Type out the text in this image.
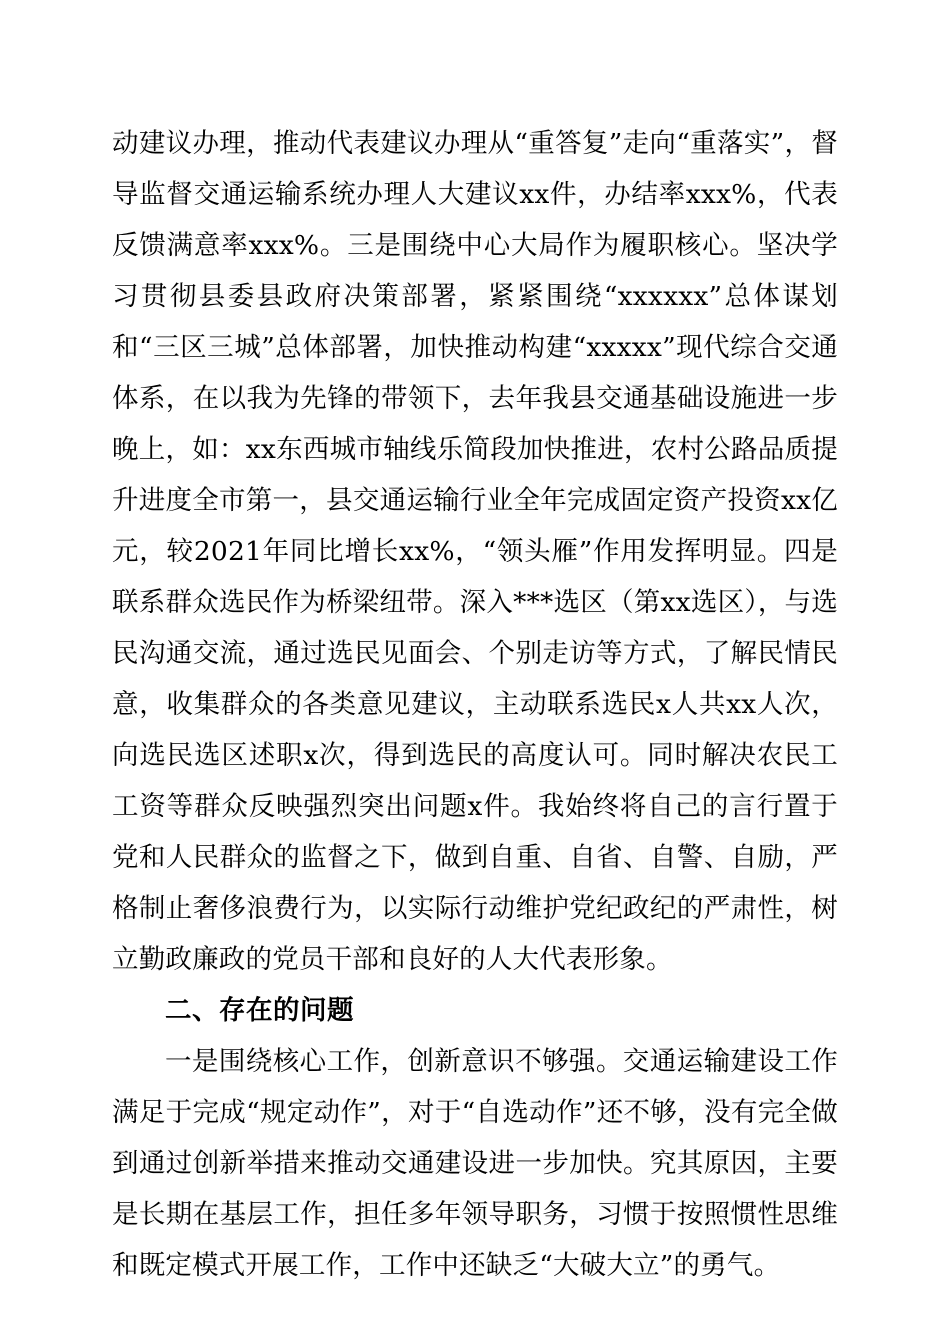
动建议办理，推动代表建议办理从“重答复”走向“重落实”，督导监督交通运输系统办理人大建议xx件，办结率xxx%，代表反馈满意率xxx%。三是围绕中心大局作为履职核心。坚决学习贯彻县委县政府决策部署，紧紧围绕“xxxxxx”总体谋划和“三区三城”总体部署，加快推动构建“xxxxx”现代综合交通体系，在以我为先锋的带领下，去年我县交通基础设施进一步晚上，如：xx东西城市轴线乐简段加快推进，农村公路品质提升进度全市第一，县交通运输行业全年完成固定资产投资xx亿元，较2021年同比增长xx%，“领头雁”作用发挥明显。四是联系群众选民作为桥梁纽带。深入***选区（第xx选区），与选民沟通交流，通过选民见面会、个别走访等方式，了解民情民意，收集群众的各类意见建议，主动联系选民x人共xx人次，向选民选区述职x次，得到选民的高度认可。同时解决农民工工资等群众反映强烈突出问题x件。我始终将自己的言行置于党和人民群众的监督之下，做到自重、自省、自警、自励，严格制止奢侈浪费行为，以实际行动维护党纪政纪的严肃性，树立勤政廉政的党员干部和良好的人大代表形象。

二、存在的问题

一是围绕核心工作，创新意识不够强。交通运输建设工作满足于完成“规定动作”，对于“自选动作”还不够，没有完全做到通过创新举措来推动交通建设进一步加快。究其原因，主要是长期在基层工作，担任多年领导职务，习惯于按照惯性思维和既定模式开展工作，工作中还缺乏“大破大立”的勇气。
